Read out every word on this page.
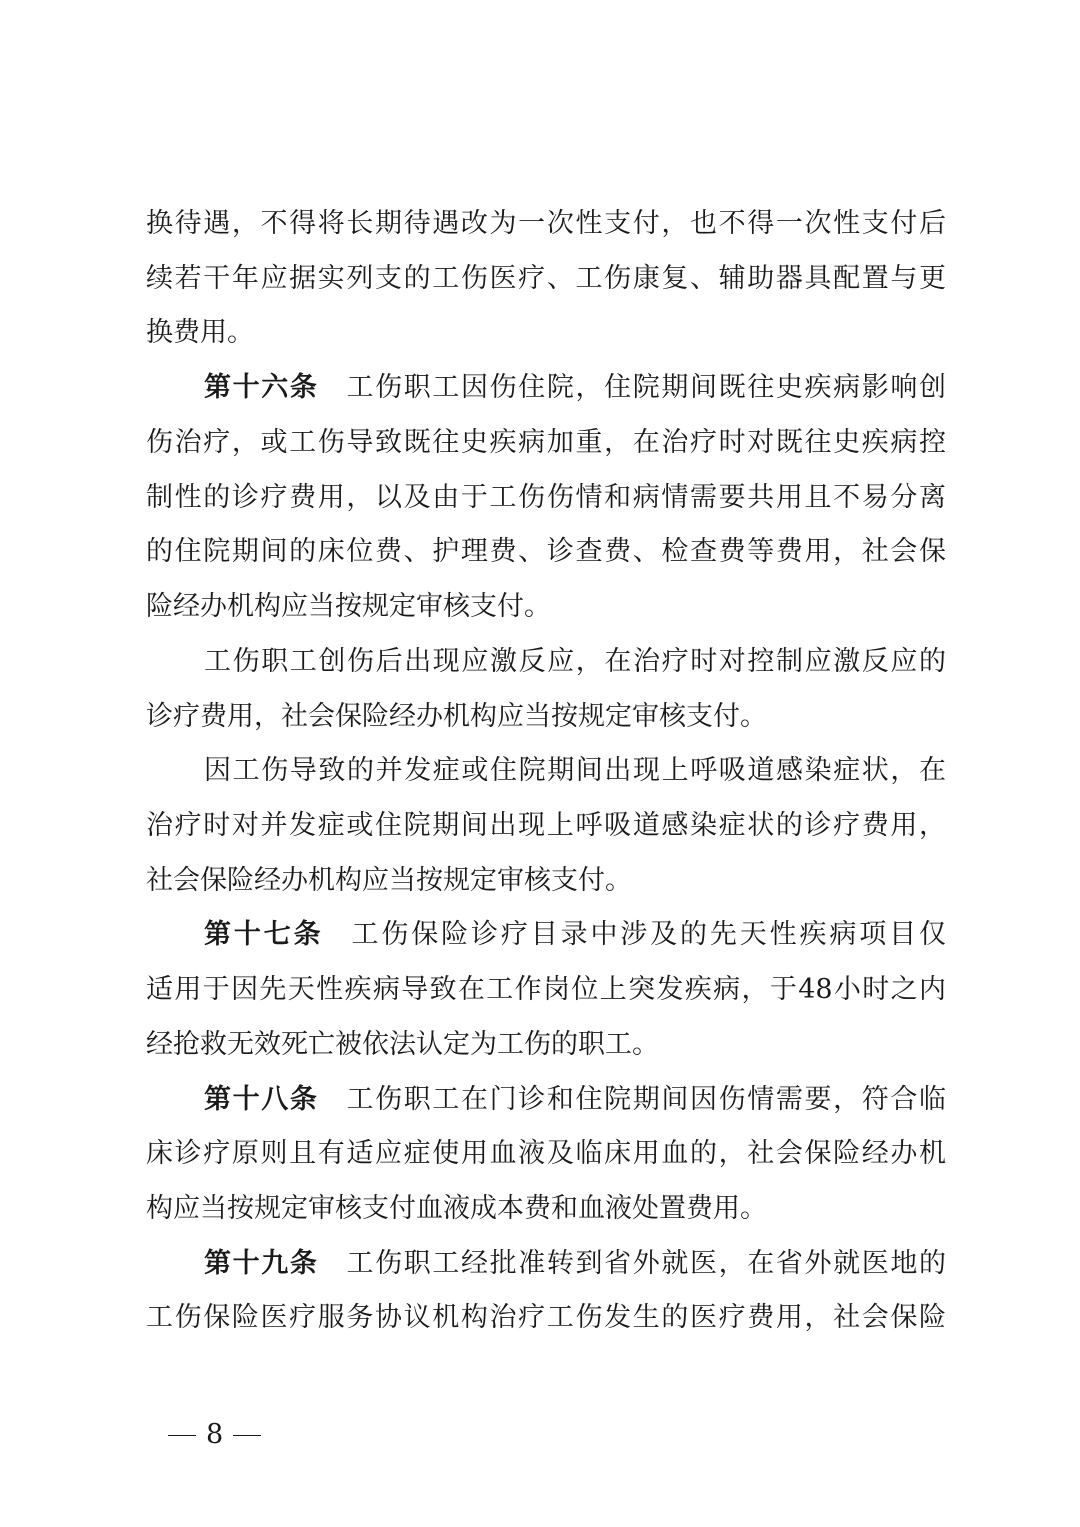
换待遇，不得将长期待遇改为一次性支付，也不得一次性支付后
续若干年应据实列支的工伤医疗、工伤康复、辅助器具配置与更
换费用。
第十六条 工伤职工因伤住院，住院期间既往史疾病影响创
伤治疗，或工伤导致既往史疾病加重，在治疗时对既往史疾病控
制性的诊疗费用，以及由于工伤伤情和病情需要共用且不易分离
的住院期间的床位费、护理费、诊查费、检查费等费用，社会保
险经办机构应当按规定审核支付。
工伤职工创伤后出现应激反应，在治疗时对控制应激反应的
诊疗费用，社会保险经办机构应当按规定审核支付。
因工伤导致的并发症或住院期间出现上呼吸道感染症状，在
治疗时对并发症或住院期间出现上呼吸道感染症状的诊疗费用，
社会保险经办机构应当按规定审核支付。
第十七条 工伤保险诊疗目录中涉及的先天性疾病项目仅
适用于因先天性疾病导致在工作岗位上突发疾病，于48小时之内
经抢救无效死亡被依法认定为工伤的职工。
第十八条 工伤职工在门诊和住院期间因伤情需要，符合临
床诊疗原则且有适应症使用血液及临床用血的，社会保险经办机
构应当按规定审核支付血液成本费和血液处置费用。
第十九条 工伤职工经批准转到省外就医，在省外就医地的
工伤保险医疗服务协议机构治疗工伤发生的医疗费用，社会保险
8
